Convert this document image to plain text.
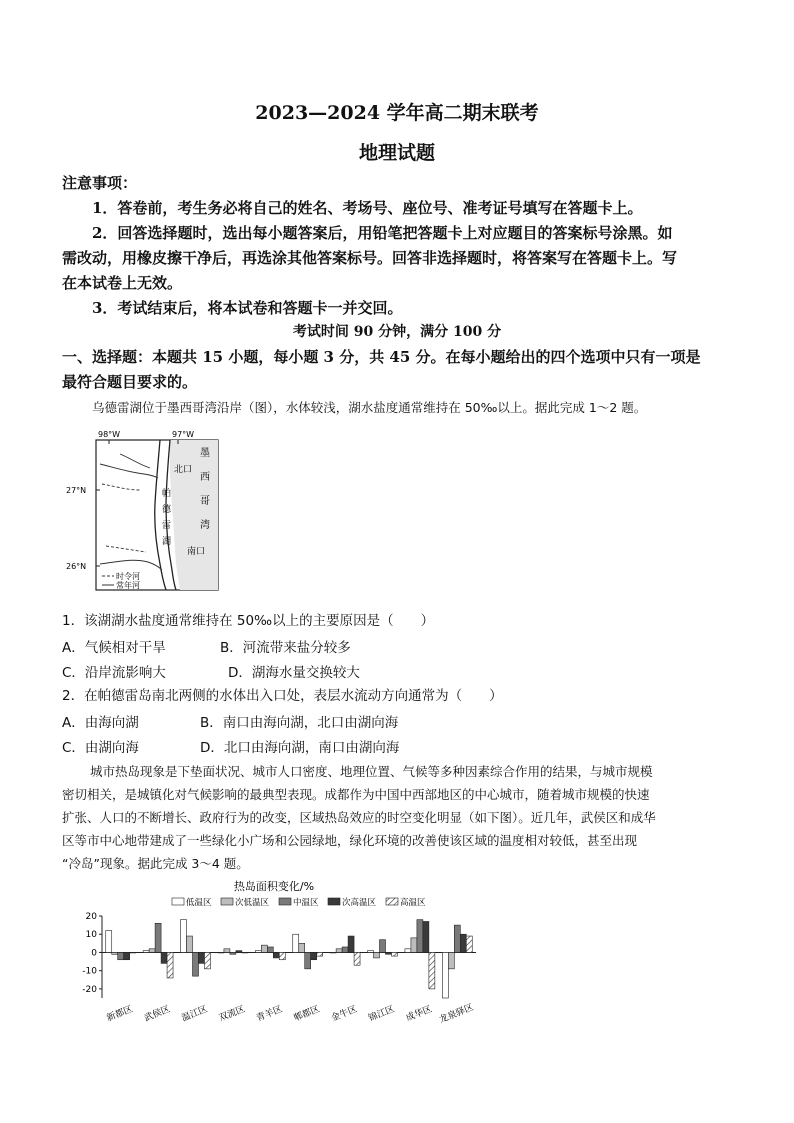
2023—2024 学年高二期末联考
地理试题
注意事项：
1．答卷前，考生务必将自己的姓名、考场号、座位号、准考证号填写在答题卡上。
2．回答选择题时，选出每小题答案后，用铅笔把答题卡上对应题目的答案标号涂黑。如
需改动，用橡皮擦干净后，再选涂其他答案标号。回答非选择题时，将答案写在答题卡上。写
在本试卷上无效。
3．考试结束后，将本试卷和答题卡一并交回。
考试时间 90 分钟，满分 100 分
一、选择题：本题共 15 小题，每小题 3 分，共 45 分。在每小题给出的四个选项中只有一项是
最符合题目要求的。
乌德雷湖位于墨西哥湾沿岸（图），水体较浅，湖水盐度通常维持在 50‰以上。据此完成 1～2 题。
98°W	97°W
27°N
26°N
北口
南口
帕德雷湖
墨西哥湾
时令河
常年河
1．该湖湖水盐度通常维持在 50‰以上的主要原因是（　　）
A．气候相对干旱	B．河流带来盐分较多
C．沿岸流影响大	D．湖海水量交换较大
2．在帕德雷岛南北两侧的水体出入口处，表层水流动方向通常为（　　）
A．由海向湖	B．南口由海向湖，北口由湖向海
C．由湖向海	D．北口由海向湖，南口由湖向海
城市热岛现象是下垫面状况、城市人口密度、地理位置、气候等多种因素综合作用的结果，与城市规模
密切相关，是城镇化对气候影响的最典型表现。成都作为中国中西部地区的中心城市，随着城市规模的快速
扩张、人口的不断增长、政府行为的改变，区域热岛效应的时空变化明显（如下图）。近几年，武侯区和成华
区等市中心地带建成了一些绿化小广场和公园绿地，绿化环境的改善使该区域的温度相对较低，甚至出现
“冷岛”现象。据此完成 3～4 题。
热岛面积变化/%
低温区	次低温区	中温区	次高温区	高温区
20
10
0
-10
-20
新都区 武侯区 温江区 双流区 青羊区 郫都区 金牛区 锦江区 成华区 龙泉驿区
